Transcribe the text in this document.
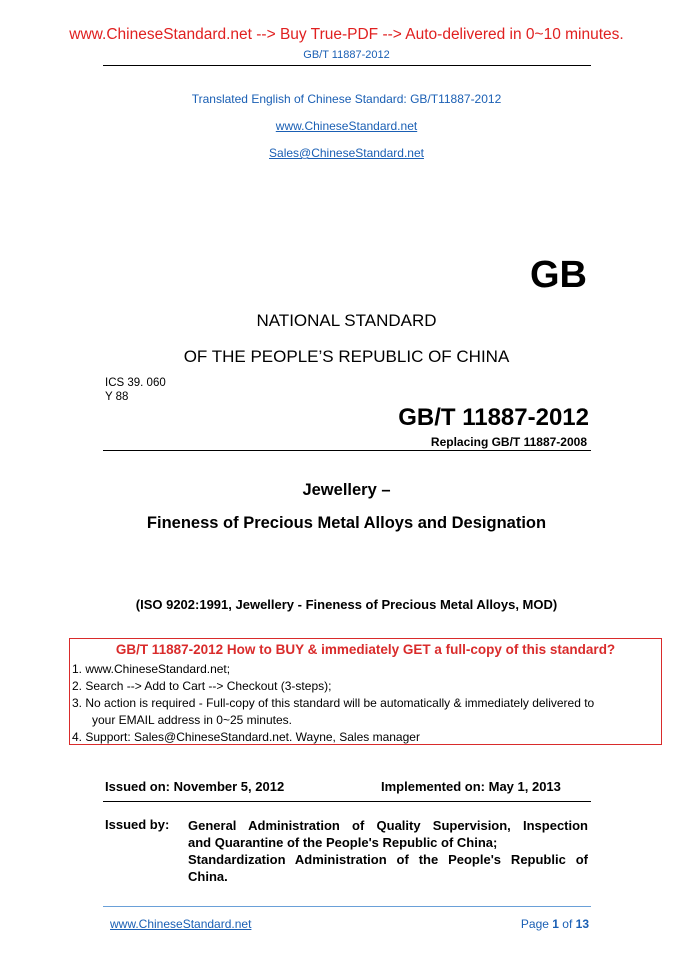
www.ChineseStandard.net --> Buy True-PDF --> Auto-delivered in 0~10 minutes.
GB/T 11887-2012
Translated English of Chinese Standard: GB/T11887-2012
www.ChineseStandard.net
Sales@ChineseStandard.net
GB
NATIONAL STANDARD
OF THE PEOPLE’S REPUBLIC OF CHINA
ICS 39. 060
Y 88
GB/T 11887-2012
Replacing GB/T 11887-2008
Jewellery –
Fineness of Precious Metal Alloys and Designation
(ISO 9202:1991, Jewellery - Fineness of Precious Metal Alloys, MOD)
GB/T 11887-2012 How to BUY & immediately GET a full-copy of this standard?
1. www.ChineseStandard.net;
2. Search --> Add to Cart --> Checkout (3-steps);
3. No action is required - Full-copy of this standard will be automatically & immediately delivered to
your EMAIL address in 0~25 minutes.
4. Support: Sales@ChineseStandard.net. Wayne, Sales manager
Issued on: November 5, 2012	Implemented on: May 1, 2013
Issued by: General Administration of Quality Supervision, Inspection
and Quarantine of the People's Republic of China;
Standardization Administration of the People's Republic of
China.
www.ChineseStandard.net	Page 1 of 13
